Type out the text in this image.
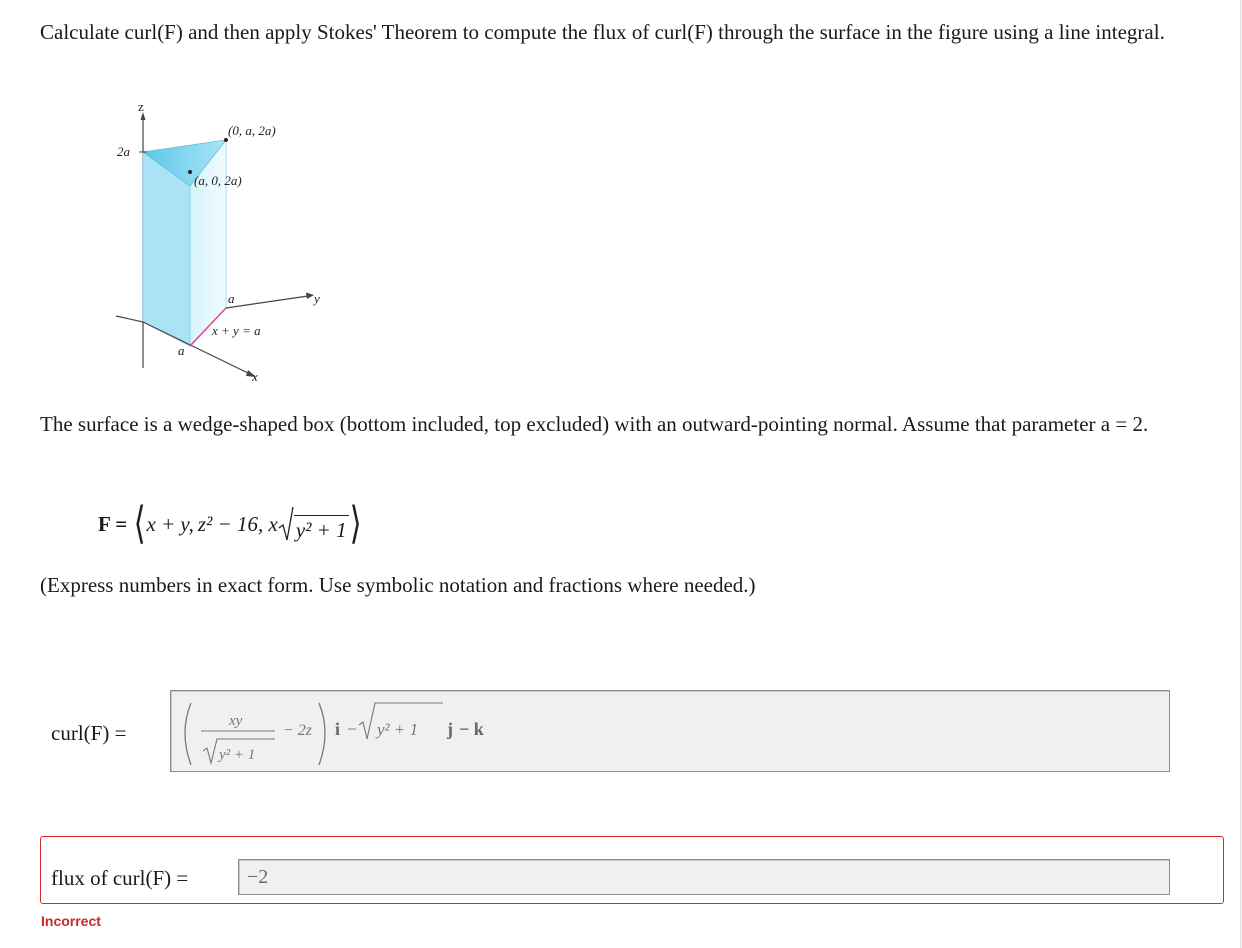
Calculate curl(F) and then apply Stokes' Theorem to compute the flux of curl(F) through the surface in the figure using a line integral.
z
2a
(0, a, 2a)
(a, 0, 2a)
a	y
x + y = a
a
x
The surface is a wedge-shaped box (bottom included, top excluded) with an outward-pointing normal. Assume that parameter a = 2.
F = ⟨ x + y, z² − 16, x y² + 1 ⟩
(Express numbers in exact form. Use symbolic notation and fractions where needed.)
curl(F) =	xy
y² + 1
− 2z i − y² + 1 j − k
flux of curl(F) =	−2
Incorrect
